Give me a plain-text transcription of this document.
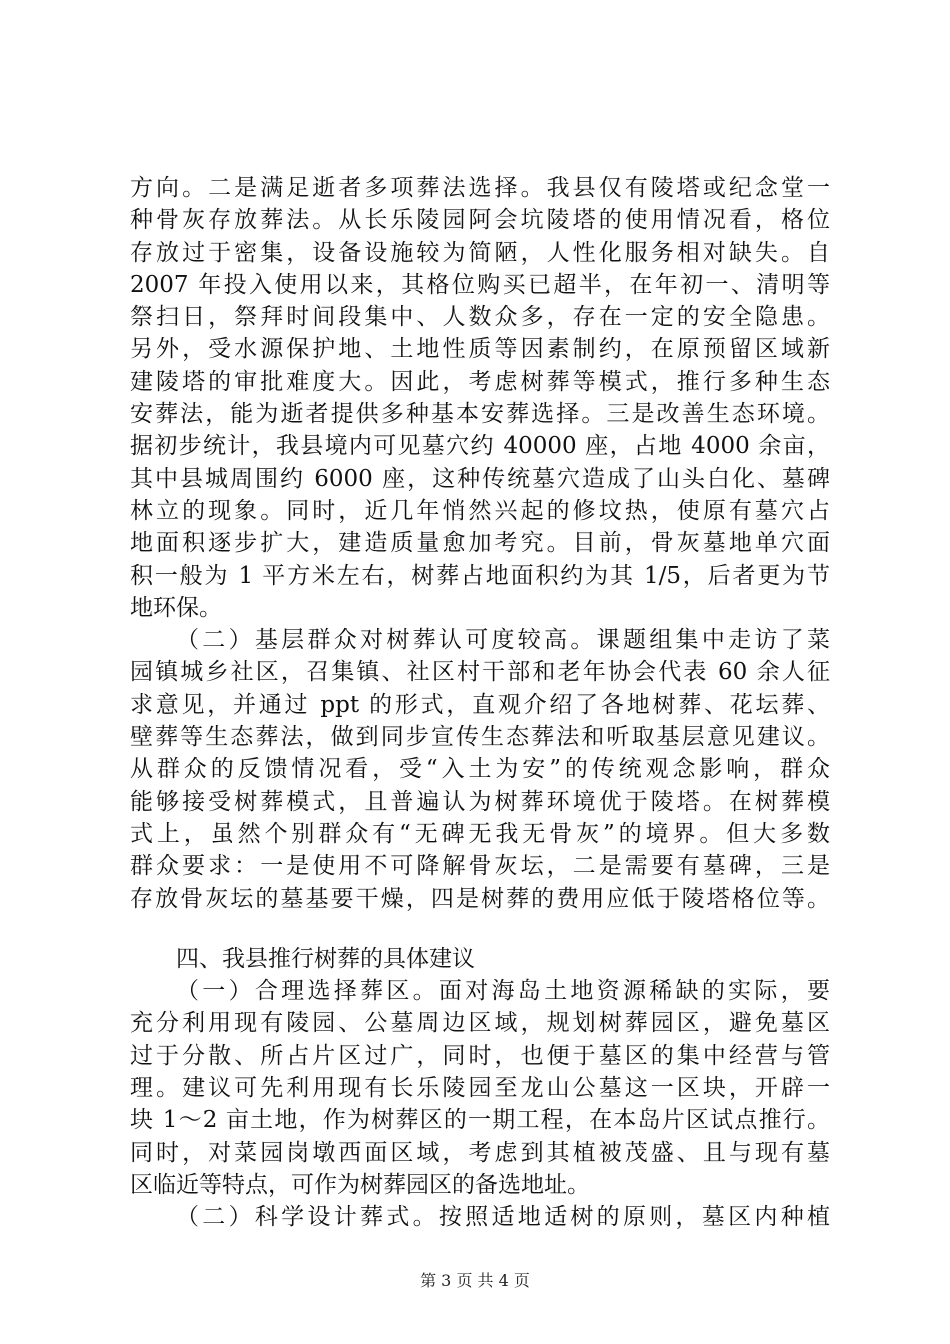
方向。二是满足逝者多项葬法选择。我县仅有陵塔或纪念堂一
种骨灰存放葬法。从长乐陵园阿会坑陵塔的使用情况看，格位
存放过于密集，设备设施较为简陋，人性化服务相对缺失。自
2007 年投入使用以来，其格位购买已超半，在年初一、清明等
祭扫日，祭拜时间段集中、人数众多，存在一定的安全隐患。
另外，受水源保护地、土地性质等因素制约，在原预留区域新
建陵塔的审批难度大。因此，考虑树葬等模式，推行多种生态
安葬法，能为逝者提供多种基本安葬选择。三是改善生态环境。
据初步统计，我县境内可见墓穴约 40000 座，占地 4000 余亩，
其中县城周围约 6000 座，这种传统墓穴造成了山头白化、墓碑
林立的现象。同时，近几年悄然兴起的修坟热，使原有墓穴占
地面积逐步扩大，建造质量愈加考究。目前，骨灰墓地单穴面
积一般为 1 平方米左右，树葬占地面积约为其 1/5，后者更为节
地环保。
（二）基层群众对树葬认可度较高。课题组集中走访了菜
园镇城乡社区，召集镇、社区村干部和老年协会代表 60 余人征
求意见，并通过 ppt 的形式，直观介绍了各地树葬、花坛葬、
壁葬等生态葬法，做到同步宣传生态葬法和听取基层意见建议。
从群众的反馈情况看，受“入土为安”的传统观念影响，群众
能够接受树葬模式，且普遍认为树葬环境优于陵塔。在树葬模
式上，虽然个别群众有“无碑无我无骨灰”的境界。但大多数
群众要求：一是使用不可降解骨灰坛，二是需要有墓碑，三是
存放骨灰坛的墓基要干燥，四是树葬的费用应低于陵塔格位等。
四、我县推行树葬的具体建议
（一）合理选择葬区。面对海岛土地资源稀缺的实际，要
充分利用现有陵园、公墓周边区域，规划树葬园区，避免墓区
过于分散、所占片区过广，同时，也便于墓区的集中经营与管
理。建议可先利用现有长乐陵园至龙山公墓这一区块，开辟一
块 1～2 亩土地，作为树葬区的一期工程，在本岛片区试点推行。
同时，对菜园岗墩西面区域，考虑到其植被茂盛、且与现有墓
区临近等特点，可作为树葬园区的备选地址。
（二）科学设计葬式。按照适地适树的原则，墓区内种植
第 3 页 共 4 页
